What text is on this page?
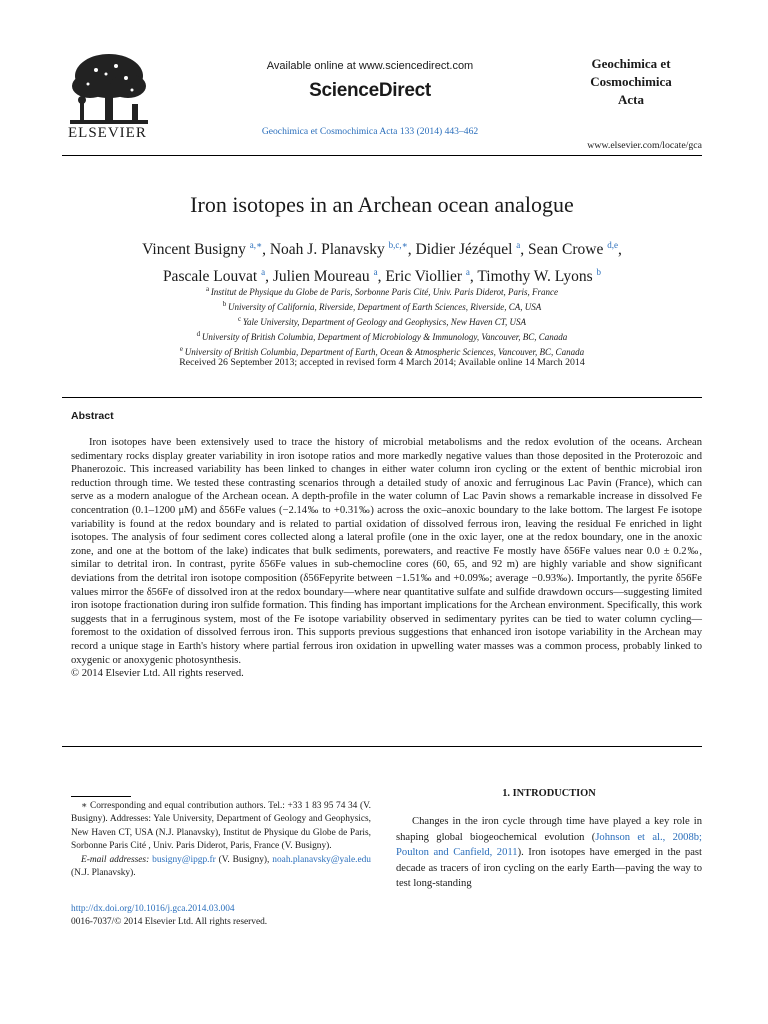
ELSEVIER
Available online at www.sciencedirect.com
ScienceDirect
Geochimica et Cosmochimica Acta 133 (2014) 443–462
Geochimica et
Cosmochimica
Acta
www.elsevier.com/locate/gca
Iron isotopes in an Archean ocean analogue
Vincent Busigny $^{a,∗}$, Noah J. Planavsky $^{b,c,∗}$, Didier Jézéquel $^a$, Sean Crowe $^{d,e}$,
Pascale Louvat $^a$, Julien Moureau $^a$, Eric Viollier $^a$, Timothy W. Lyons $^b$
$^a$ Institut de Physique du Globe de Paris, Sorbonne Paris Cité, Univ. Paris Diderot, Paris, France
$^b$ University of California, Riverside, Department of Earth Sciences, Riverside, CA, USA
$^c$ Yale University, Department of Geology and Geophysics, New Haven CT, USA
$^d$ University of British Columbia, Department of Microbiology & Immunology, Vancouver, BC, Canada
$^e$ University of British Columbia, Department of Earth, Ocean & Atmospheric Sciences, Vancouver, BC, Canada
Received 26 September 2013; accepted in revised form 4 March 2014; Available online 14 March 2014
Abstract

Iron isotopes have been extensively used to trace the history of microbial metabolisms and the redox evolution of the oceans. Archean sedimentary rocks display greater variability in iron isotope ratios and more markedly negative values than those deposited in the Proterozoic and Phanerozoic. This increased variability has been linked to changes in either water column iron cycling or the extent of benthic microbial iron reduction through time. We tested these contrasting scenarios through a detailed study of anoxic and ferruginous Lac Pavin (France), which can serve as a modern analogue of the Archean ocean. A depth-profile in the water column of Lac Pavin shows a remarkable increase in dissolved Fe concentration (0.1–1200 μM) and δ56Fe values (−2.14‰ to +0.31‰) across the oxic–anoxic boundary to the lake bottom. The largest Fe isotope variability is found at the redox boundary and is related to partial oxidation of dissolved ferrous iron, leaving the residual Fe enriched in light isotopes. The analysis of four sediment cores collected along a lateral profile (one in the oxic layer, one at the redox boundary, one in the anoxic zone, and one at the bottom of the lake) indicates that bulk sediments, porewaters, and reactive Fe mostly have δ56Fe values near 0.0 ± 0.2‰, similar to detrital iron. In contrast, pyrite δ56Fe values in sub-chemocline cores (60, 65, and 92 m) are highly variable and show significant deviations from the detrital iron isotope composition (δ56Fepyrite between −1.51‰ and +0.09‰; average −0.93‰). Importantly, the pyrite δ56Fe values mirror the δ56Fe of dissolved iron at the redox boundary—where near quantitative sulfate and sulfide drawdown occurs—suggesting limited iron isotope fractionation during iron sulfide formation. This finding has important implications for the Archean environment. Specifically, this work suggests that in a ferruginous system, most of the Fe isotope variability observed in sedimentary pyrites can be tied to water column cycling—foremost to the oxidation of dissolved ferrous iron. This supports previous suggestions that enhanced iron isotope variability in the Archean may record a unique stage in Earth's history where partial ferrous iron oxidation in upwelling water masses was a common process, probably linked to oxygenic or anoxygenic photosynthesis.

© 2014 Elsevier Ltd. All rights reserved.

∗ Corresponding and equal contribution authors. Tel.: +33 1 83 95 74 34 (V. Busigny). Addresses: Yale University, Department of Geology and Geophysics, New Haven CT, USA (N.J. Planavsky), Institut de Physique du Globe de Paris, Sorbonne Paris Cité , Univ. Paris Diderot, Paris, France (V. Busigny).

E-mail addresses: busigny@ipgp.fr (V. Busigny), noah.planavsky@yale.edu (N.J. Planavsky).

http://dx.doi.org/10.1016/j.gca.2014.03.004
0016-7037/© 2014 Elsevier Ltd. All rights reserved.
1. INTRODUCTION

Changes in the iron cycle through time have played a key role in shaping global biogeochemical evolution (Johnson et al., 2008b; Poulton and Canfield, 2011). Iron isotopes have emerged in the past decade as tracers of iron cycling on the early Earth—paving the way to test long-standing
